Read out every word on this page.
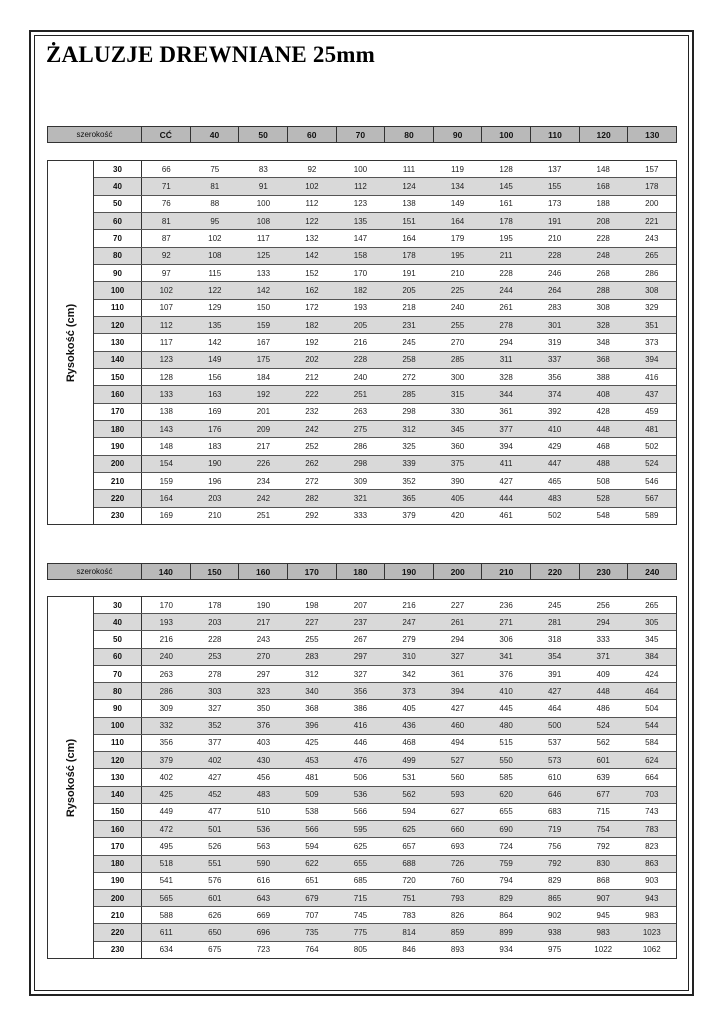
ŻALUZJE DREWNIANE 25mm
szerokość	CĆ	40	50	60	70	80	90	100	110	120	130
Rysokość (cm)
30	66	75	83	92	100	111	119	128	137	148	157
40	71	81	91	102	112	124	134	145	155	168	178
50	76	88	100	112	123	138	149	161	173	188	200
60	81	95	108	122	135	151	164	178	191	208	221
70	87	102	117	132	147	164	179	195	210	228	243
80	92	108	125	142	158	178	195	211	228	248	265
90	97	115	133	152	170	191	210	228	246	268	286
100	102	122	142	162	182	205	225	244	264	288	308
110	107	129	150	172	193	218	240	261	283	308	329
120	112	135	159	182	205	231	255	278	301	328	351
130	117	142	167	192	216	245	270	294	319	348	373
140	123	149	175	202	228	258	285	311	337	368	394
150	128	156	184	212	240	272	300	328	356	388	416
160	133	163	192	222	251	285	315	344	374	408	437
170	138	169	201	232	263	298	330	361	392	428	459
180	143	176	209	242	275	312	345	377	410	448	481
190	148	183	217	252	286	325	360	394	429	468	502
200	154	190	226	262	298	339	375	411	447	488	524
210	159	196	234	272	309	352	390	427	465	508	546
220	164	203	242	282	321	365	405	444	483	528	567
230	169	210	251	292	333	379	420	461	502	548	589
szerokość	140	150	160	170	180	190	200	210	220	230	240
Rysokość (cm)
30	170	178	190	198	207	216	227	236	245	256	265
40	193	203	217	227	237	247	261	271	281	294	305
50	216	228	243	255	267	279	294	306	318	333	345
60	240	253	270	283	297	310	327	341	354	371	384
70	263	278	297	312	327	342	361	376	391	409	424
80	286	303	323	340	356	373	394	410	427	448	464
90	309	327	350	368	386	405	427	445	464	486	504
100	332	352	376	396	416	436	460	480	500	524	544
110	356	377	403	425	446	468	494	515	537	562	584
120	379	402	430	453	476	499	527	550	573	601	624
130	402	427	456	481	506	531	560	585	610	639	664
140	425	452	483	509	536	562	593	620	646	677	703
150	449	477	510	538	566	594	627	655	683	715	743
160	472	501	536	566	595	625	660	690	719	754	783
170	495	526	563	594	625	657	693	724	756	792	823
180	518	551	590	622	655	688	726	759	792	830	863
190	541	576	616	651	685	720	760	794	829	868	903
200	565	601	643	679	715	751	793	829	865	907	943
210	588	626	669	707	745	783	826	864	902	945	983
220	611	650	696	735	775	814	859	899	938	983	1023
230	634	675	723	764	805	846	893	934	975	1022	1062
